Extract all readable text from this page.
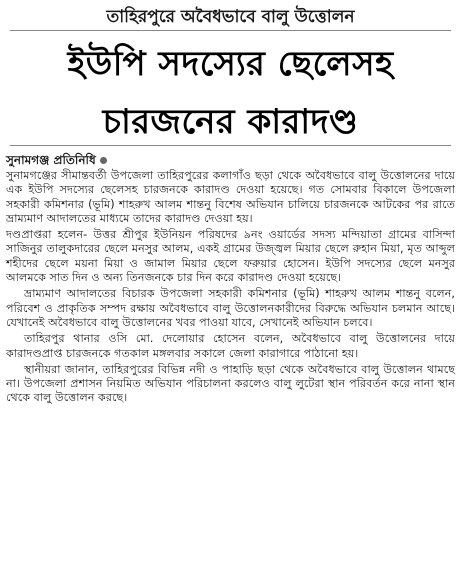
তাহিরপুরে অবৈধভাবে বালু উত্তোলন
ইউপি সদস্যের ছেলেসহ
চারজনের কারাদণ্ড
সুনামগঞ্জ প্রতিনিধি

সুনামগঞ্জের সীমান্তবর্তী উপজেলা তাহিরপুরের কলাগাঁও ছড়া থেকে অবৈধভাবে বালু উত্তোলনের দায়ে এক ইউপি সদস্যের ছেলেসহ চারজনকে কারাদণ্ড দেওয়া হয়েছে। গত সোমবার বিকালে উপজেলা সহকারী কমিশনার (ভূমি) শাহরুখ আলম শান্তনু বিশেষ অভিযান চালিয়ে চারজনকে আটকের পর রাতে ভ্রাম্যমাণ আদালতের মাধ্যমে তাদের কারাদণ্ড দেওয়া হয়।

দণ্ডপ্রাপ্তরা হলেন- উত্তর শ্রীপুর ইউনিয়ন পরিষদের ৯নং ওয়ার্ডের সদস্য মন্দিয়াতা গ্রামের বাসিন্দা সাজিনুর তালুকদারের ছেলে মনসুর আলম, একই গ্রামের উজ্জ্বল মিয়ার ছেলে রুহান মিয়া, মৃত আব্দুল শহীদের ছেলে ময়না মিয়া ও জামাল মিয়ার ছেলে ফরুয়ার হোসেন। ইউপি সদস্যের ছেলে মনসুর আলমকে সাত দিন ও অন্য তিনজনকে চার দিন করে কারাদণ্ড দেওয়া হয়েছে।

ভ্রাম্যমাণ আদালতের বিচারক উপজেলা সহকারী কমিশনার (ভূমি) শাহরুখ আলম শান্তনু বলেন, পরিবেশ ও প্রাকৃতিক সম্পদ রক্ষায় অবৈধভাবে বালু উত্তোলনকারীদের বিরুদ্ধে অভিযান চলমান আছে। যেখানেই অবৈধভাবে বালু উত্তোলনের খবর পাওয়া যাবে, সেখানেই অভিযান চলবে।

তাহিরপুর থানার ওসি মো. দেলোয়ার হোসেন বলেন, অবৈধভাবে বালু উত্তোলনের দায়ে কারাদণ্ডপ্রাপ্ত চারজনকে গতকাল মঙ্গলবার সকালে জেলা কারাগারে পাঠানো হয়।

স্থানীয়রা জানান, তাহিরপুরের বিভিন্ন নদী ও পাহাড়ি ছড়া থেকে অবৈধভাবে বালু উত্তোলন থামছে না। উপজেলা প্রশাসন নিয়মিত অভিযান পরিচালনা করলেও বালু লুটেরা স্থান পরিবর্তন করে নানা স্থান থেকে বালু উত্তোলন করছে।
